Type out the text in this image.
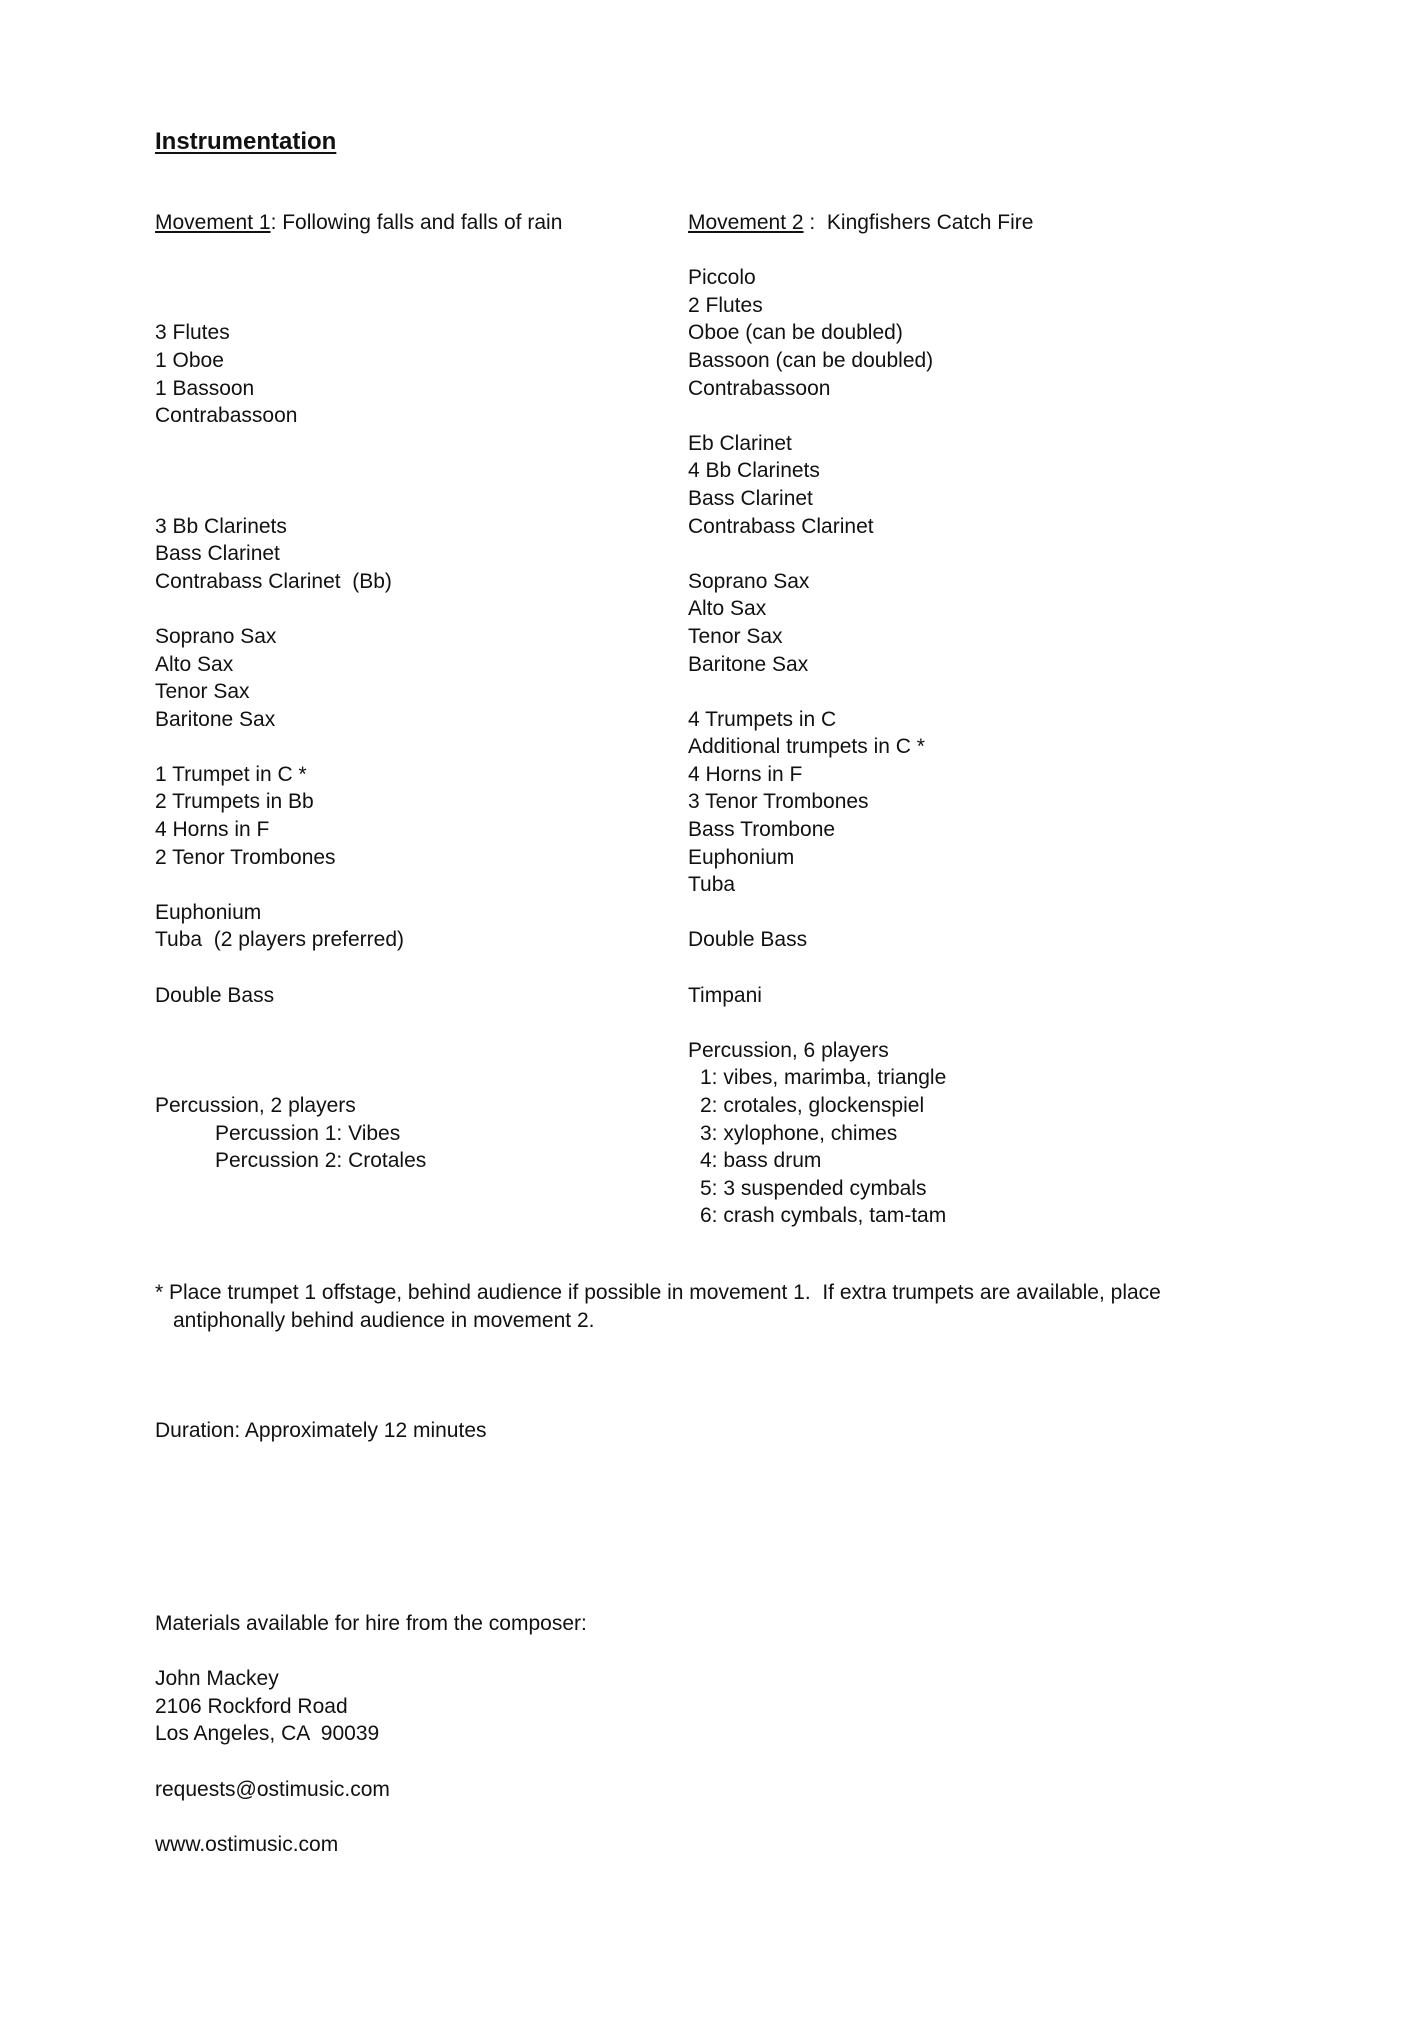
Instrumentation
Movement 1: Following falls and falls of rain
3 Flutes
1 Oboe
1 Bassoon
Contrabassoon
3 Bb Clarinets
Bass Clarinet
Contrabass Clarinet  (Bb)
Soprano Sax
Alto Sax
Tenor Sax
Baritone Sax
1 Trumpet in C *
2 Trumpets in Bb
4 Horns in F
2 Tenor Trombones
Euphonium
Tuba  (2 players preferred)
Double Bass
Percussion, 2 players
Percussion 1: Vibes
Percussion 2: Crotales
Movement 2 :  Kingfishers Catch Fire
Piccolo
2 Flutes
Oboe (can be doubled)
Bassoon (can be doubled)
Contrabassoon
Eb Clarinet
4 Bb Clarinets
Bass Clarinet
Contrabass Clarinet
Soprano Sax
Alto Sax
Tenor Sax
Baritone Sax
4 Trumpets in C
Additional trumpets in C *
4 Horns in F
3 Tenor Trombones
Bass Trombone
Euphonium
Tuba
Double Bass
Timpani
Percussion, 6 players
1: vibes, marimba, triangle
2: crotales, glockenspiel
3: xylophone, chimes
4: bass drum
5: 3 suspended cymbals
6: crash cymbals, tam-tam
* Place trumpet 1 offstage, behind audience if possible in movement 1.  If extra trumpets are available, place
antiphonally behind audience in movement 2.
Duration: Approximately 12 minutes
Materials available for hire from the composer:
John Mackey
2106 Rockford Road
Los Angeles, CA  90039
requests@ostimusic.com
www.ostimusic.com
